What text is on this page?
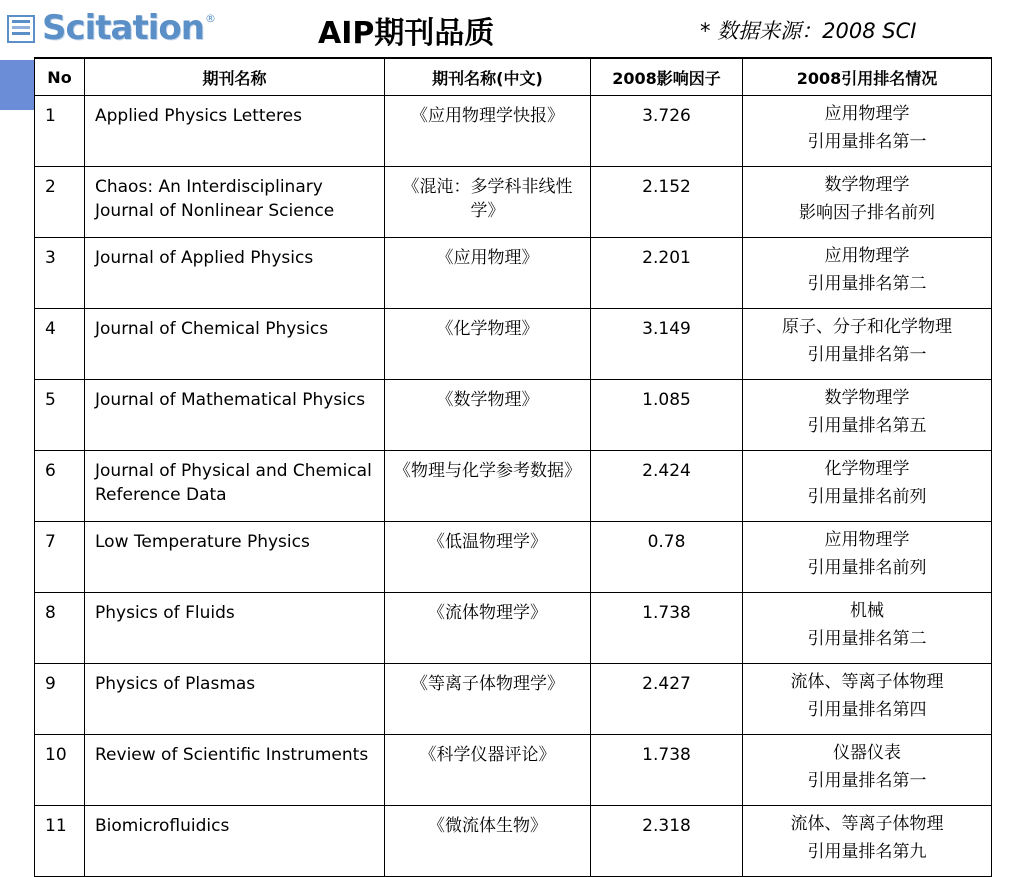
Scitation ®	AIP期刊品质	* 数据来源：2008 SCI
No	期刊名称	期刊名称(中文)	2008影响因子	2008引用排名情况
1	Applied Physics Letteres	《应用物理学快报》	3.726	应用物理学
引用量排名第一

2	Chaos: An Interdisciplinary Journal of Nonlinear Science	《混沌：多学科非线性学》	2.152	数学物理学
影响因子排名前列

3	Journal of Applied Physics	《应用物理》	2.201	应用物理学
引用量排名第二

4	Journal of Chemical Physics	《化学物理》	3.149	原子、分子和化学物理
引用量排名第一

5	Journal of Mathematical Physics	《数学物理》	1.085	数学物理学
引用量排名第五

6	Journal of Physical and Chemical Reference Data	《物理与化学参考数据》	2.424	化学物理学
引用量排名前列

7	Low Temperature Physics	《低温物理学》	0.78	应用物理学
引用量排名前列

8	Physics of Fluids	《流体物理学》	1.738	机械
引用量排名第二

9	Physics of Plasmas	《等离子体物理学》	2.427	流体、等离子体物理
引用量排名第四

10	Review of Scientific Instruments	《科学仪器评论》	1.738	仪器仪表
引用量排名第一

11	Biomicrofluidics	《微流体生物》	2.318	流体、等离子体物理
引用量排名第九
